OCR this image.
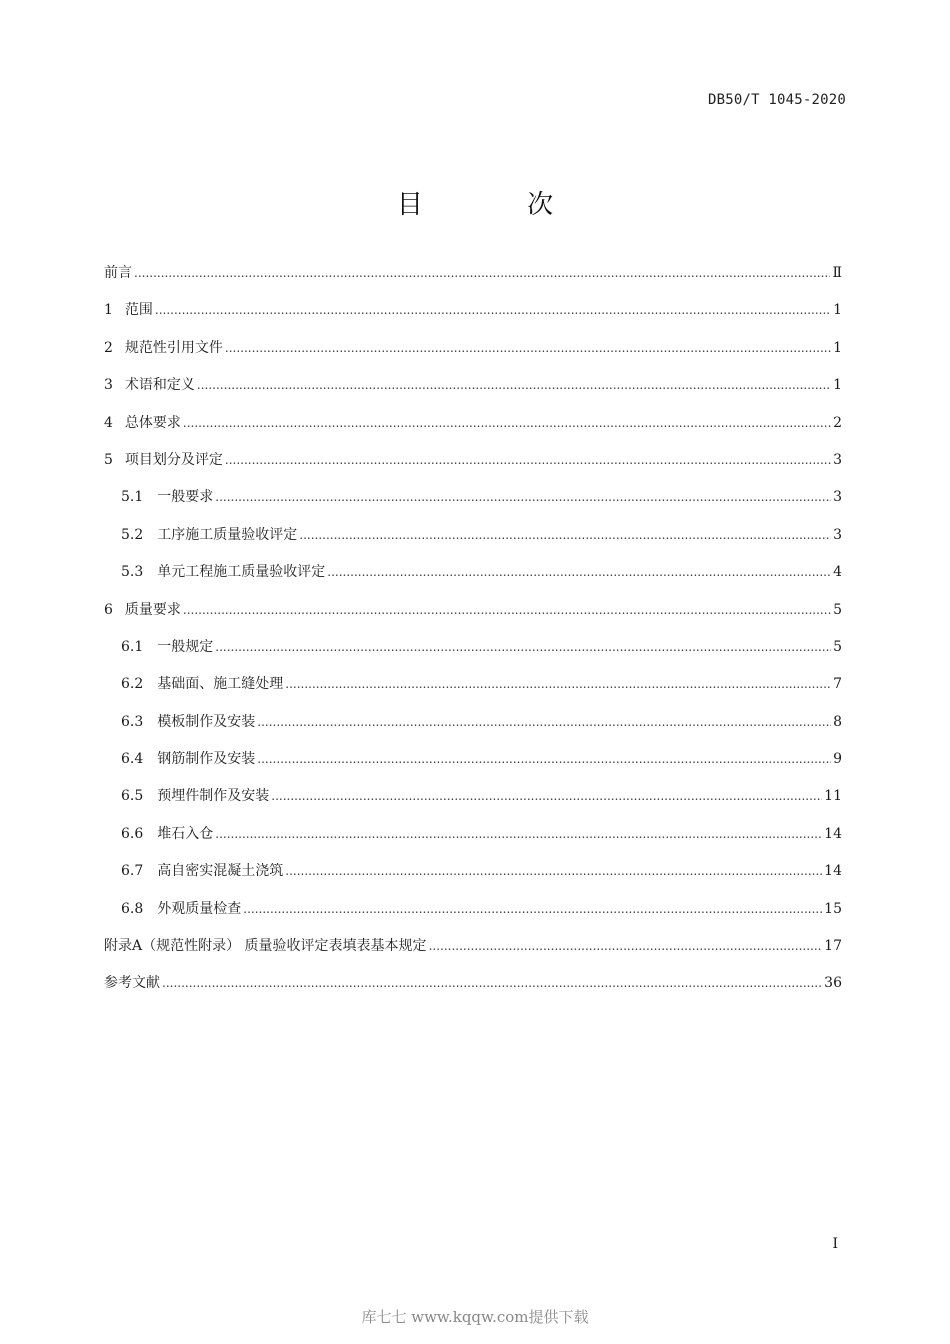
DB50/T 1045-2020
目 次
前言 .....	Ⅱ
1 范围 .....	1
2 规范性引用文件 .....	1
3 术语和定义 .....	1
4 总体要求 .....	2
5 项目划分及评定 .....	3
5.1	一般要求 .....	3
5.2	工序施工质量验收评定 .....	3
5.3	单元工程施工质量验收评定 .....	4
6 质量要求 .....	5
6.1	一般规定 .....	5
6.2	基础面、施工缝处理 .....	7
6.3	模板制作及安装 .....	8
6.4	钢筋制作及安装 .....	9
6.5	预埋件制作及安装 .....	11
6.6	堆石入仓 .....	14
6.7	高自密实混凝土浇筑 .....	14
6.8	外观质量检查 .....	15
附录A（规范性附录） 质量验收评定表填表基本规定 .....	17
参考文献 .....	36
I
库七七 www.kqqw.com提供下载
